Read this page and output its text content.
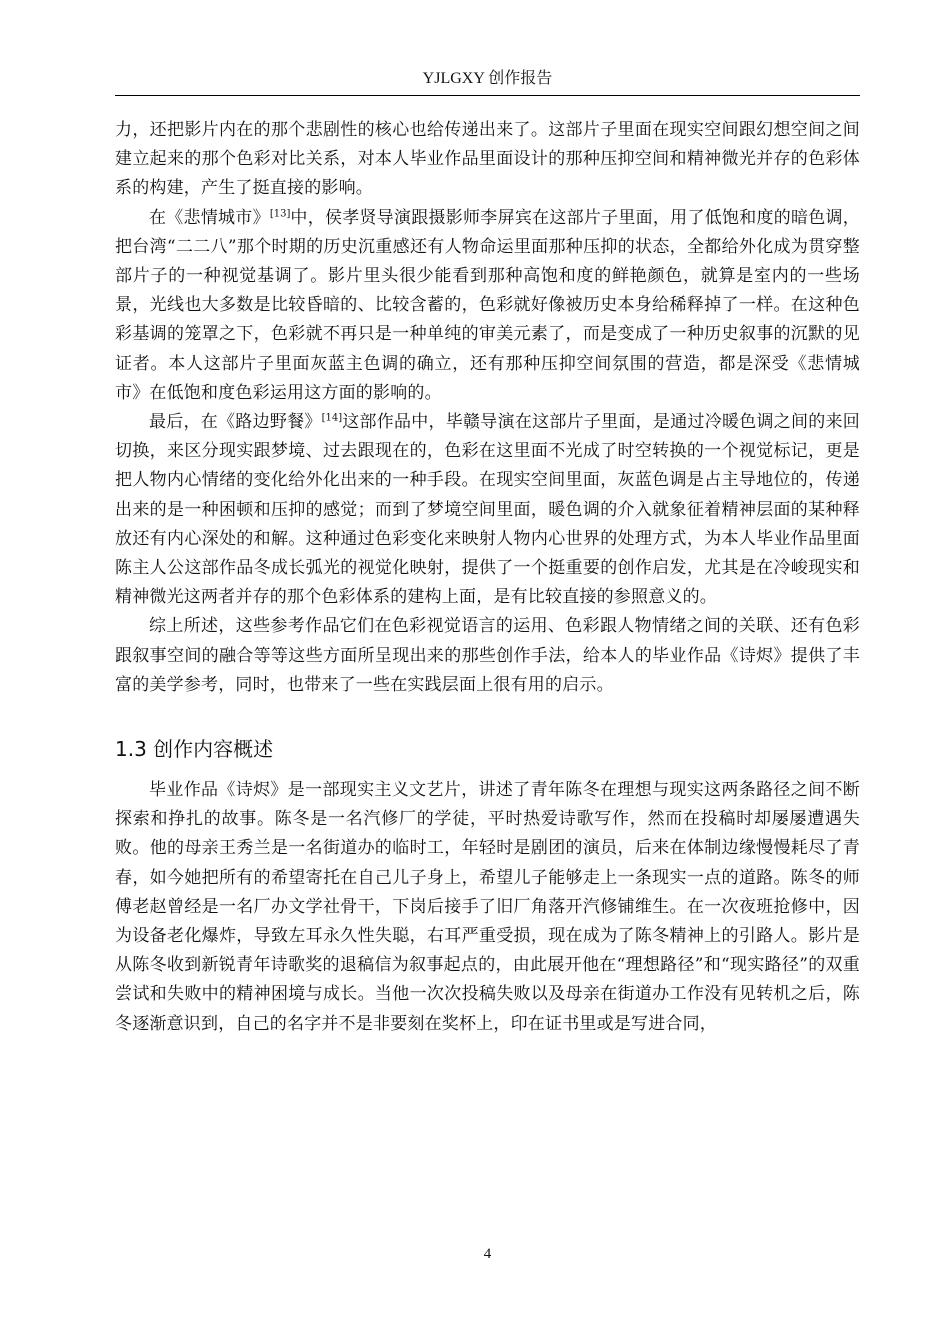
YJLGXY 创作报告

力，还把影片内在的那个悲剧性的核心也给传递出来了。这部片子里面在现实空间跟幻想空间之间建立起来的那个色彩对比关系，对本人毕业作品里面设计的那种压抑空间和精神微光并存的色彩体系的构建，产生了挺直接的影响。

在《悲情城市》[13]中，侯孝贤导演跟摄影师李屏宾在这部片子里面，用了低饱和度的暗色调，把台湾“二二八”那个时期的历史沉重感还有人物命运里面那种压抑的状态，全都给外化成为贯穿整部片子的一种视觉基调了。影片里头很少能看到那种高饱和度的鲜艳颜色，就算是室内的一些场景，光线也大多数是比较昏暗的、比较含蓄的，色彩就好像被历史本身给稀释掉了一样。在这种色彩基调的笼罩之下，色彩就不再只是一种单纯的审美元素了，而是变成了一种历史叙事的沉默的见证者。本人这部片子里面灰蓝主色调的确立，还有那种压抑空间氛围的营造，都是深受《悲情城市》在低饱和度色彩运用这方面的影响的。

最后，在《路边野餐》[14]这部作品中，毕赣导演在这部片子里面，是通过冷暖色调之间的来回切换，来区分现实跟梦境、过去跟现在的，色彩在这里面不光成了时空转换的一个视觉标记，更是把人物内心情绪的变化给外化出来的一种手段。在现实空间里面，灰蓝色调是占主导地位的，传递出来的是一种困顿和压抑的感觉；而到了梦境空间里面，暖色调的介入就象征着精神层面的某种释放还有内心深处的和解。这种通过色彩变化来映射人物内心世界的处理方式，为本人毕业作品里面陈主人公这部作品冬成长弧光的视觉化映射，提供了一个挺重要的创作启发，尤其是在冷峻现实和精神微光这两者并存的那个色彩体系的建构上面，是有比较直接的参照意义的。

综上所述，这些参考作品它们在色彩视觉语言的运用、色彩跟人物情绪之间的关联、还有色彩跟叙事空间的融合等等这些方面所呈现出来的那些创作手法，给本人的毕业作品《诗烬》提供了丰富的美学参考，同时，也带来了一些在实践层面上很有用的启示。

1.3 创作内容概述

毕业作品《诗烬》是一部现实主义文艺片，讲述了青年陈冬在理想与现实这两条路径之间不断探索和挣扎的故事。陈冬是一名汽修厂的学徒，平时热爱诗歌写作，然而在投稿时却屡屡遭遇失败。他的母亲王秀兰是一名街道办的临时工，年轻时是剧团的演员，后来在体制边缘慢慢耗尽了青春，如今她把所有的希望寄托在自己儿子身上，希望儿子能够走上一条现实一点的道路。陈冬的师傅老赵曾经是一名厂办文学社骨干，下岗后接手了旧厂角落开汽修铺维生。在一次夜班抢修中，因为设备老化爆炸，导致左耳永久性失聪，右耳严重受损，现在成为了陈冬精神上的引路人。影片是从陈冬收到新锐青年诗歌奖的退稿信为叙事起点的，由此展开他在“理想路径”和“现实路径”的双重尝试和失败中的精神困境与成长。当他一次次投稿失败以及母亲在街道办工作没有见转机之后，陈冬逐渐意识到，自己的名字并不是非要刻在奖杯上，印在证书里或是写进合同，

4
